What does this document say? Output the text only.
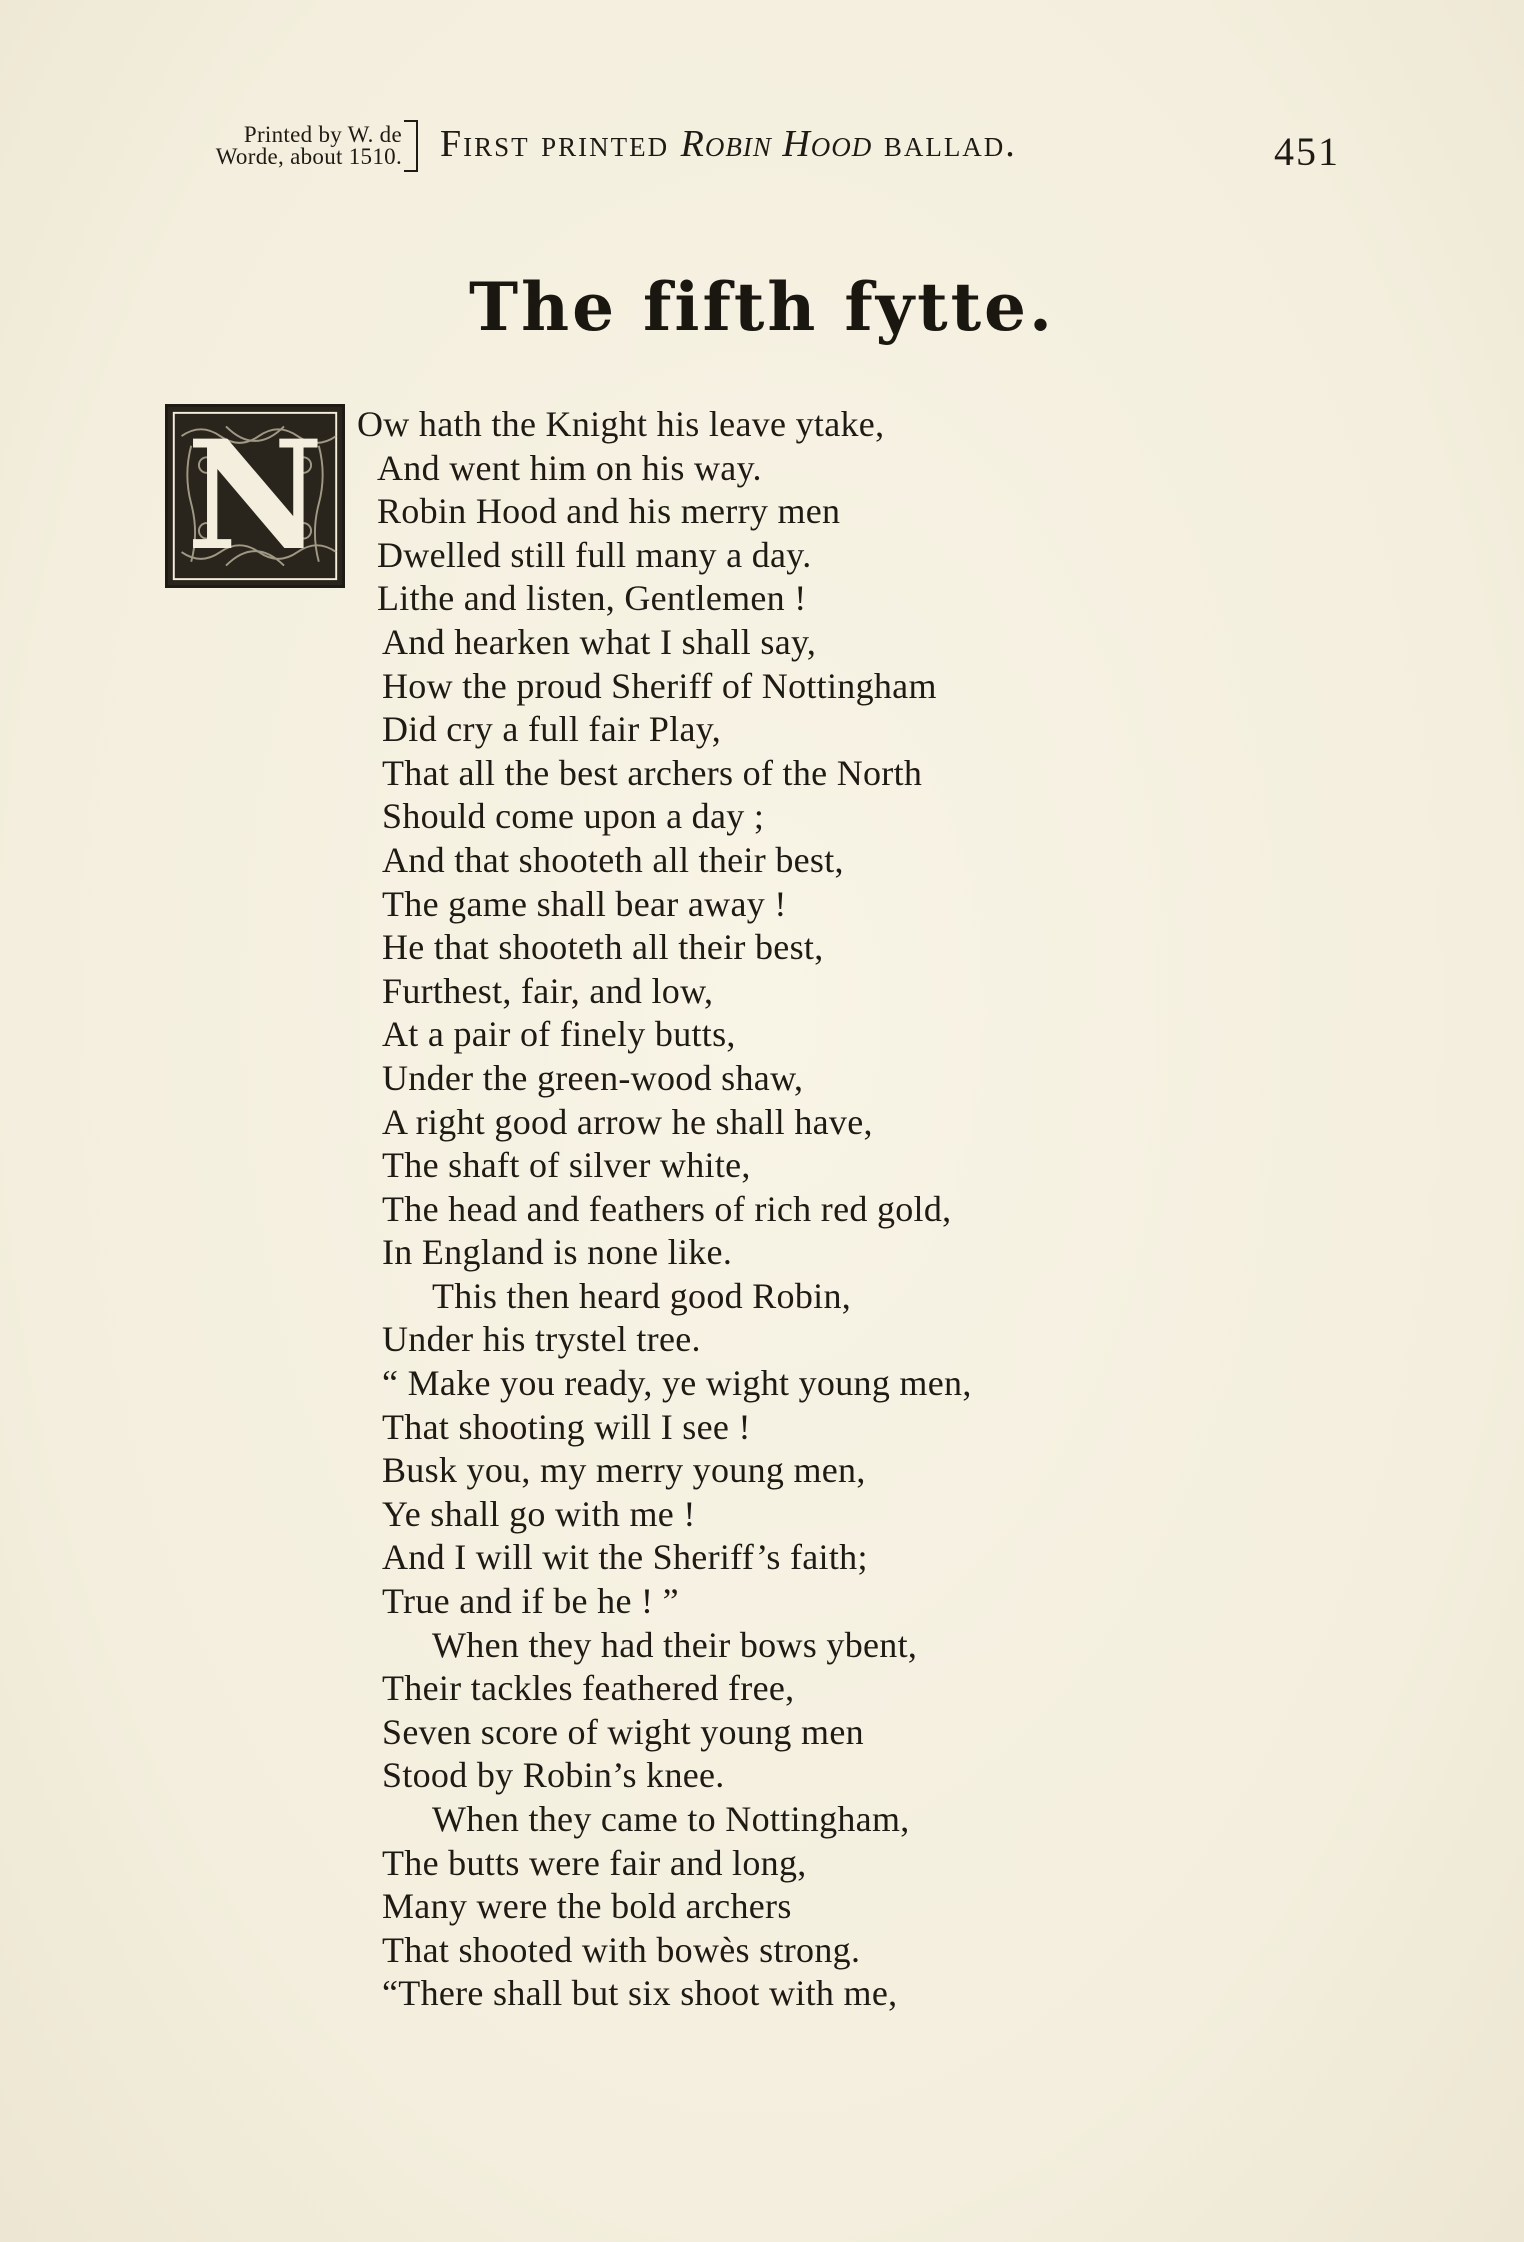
Printed by W. de
Worde, about 1510. First printed Robin Hood ballad.	451
The fifth fytte.
N Ow hath the Knight his leave ytake,
And went him on his way.
Robin Hood and his merry men
Dwelled still full many a day.
Lithe and listen, Gentlemen !
And hearken what I shall say,
How the proud Sheriff of Nottingham
Did cry a full fair Play,
That all the best archers of the North
Should come upon a day ;
And that shooteth all their best,
The game shall bear away !
He that shooteth all their best,
Furthest, fair, and low,
At a pair of finely butts,
Under the green-wood shaw,
A right good arrow he shall have,
The shaft of silver white,
The head and feathers of rich red gold,
In England is none like.
This then heard good Robin,
Under his trystel tree.
“ Make you ready, ye wight young men,
That shooting will I see !
Busk you, my merry young men,
Ye shall go with me !
And I will wit the Sheriff’s faith;
True and if be he ! ”
When they had their bows ybent,
Their tackles feathered free,
Seven score of wight young men
Stood by Robin’s knee.
When they came to Nottingham,
The butts were fair and long,
Many were the bold archers
That shooted with bowès strong.
“There shall but six shoot with me,
